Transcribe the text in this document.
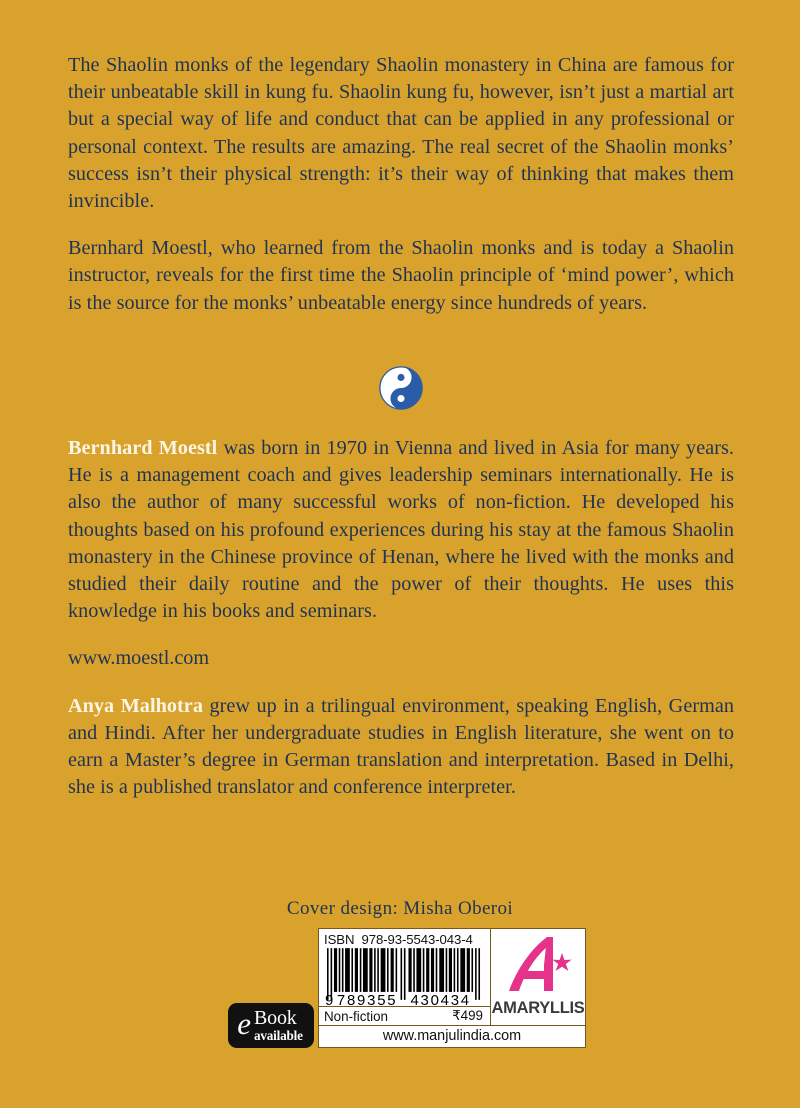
The Shaolin monks of the legendary Shaolin monastery in China are famous for their unbeatable skill in kung fu. Shaolin kung fu, however, isn’t just a martial art but a special way of life and conduct that can be applied in any professional or personal context. The results are amazing. The real secret of the Shaolin monks’ success isn’t their physical strength: it’s their way of thinking that makes them invincible.

Bernhard Moestl, who learned from the Shaolin monks and is today a Shaolin instructor, reveals for the first time the Shaolin principle of ‘mind power’, which is the source for the monks’ unbeatable energy since hundreds of years.

Bernhard Moestl was born in 1970 in Vienna and lived in Asia for many years. He is a management coach and gives leadership seminars internationally. He is also the author of many successful works of non-fiction. He developed his thoughts based on his profound experiences during his stay at the famous Shaolin monastery in the Chinese province of Henan, where he lived with the monks and studied their daily routine and the power of their thoughts. He uses this knowledge in his books and seminars.

www.moestl.com

Anya Malhotra grew up in a trilingual environment, speaking English, German and Hindi. After her undergraduate studies in English literature, she went on to earn a Master’s degree in German translation and interpretation. Based in Delhi, she is a published translator and conference interpreter.

Cover design: Misha Oberoi
ISBN 978-93-5543-043-4
9 789355 430434
Non-fiction	₹499 AMARYLLIS
www.manjulindia.com
e Book
available
